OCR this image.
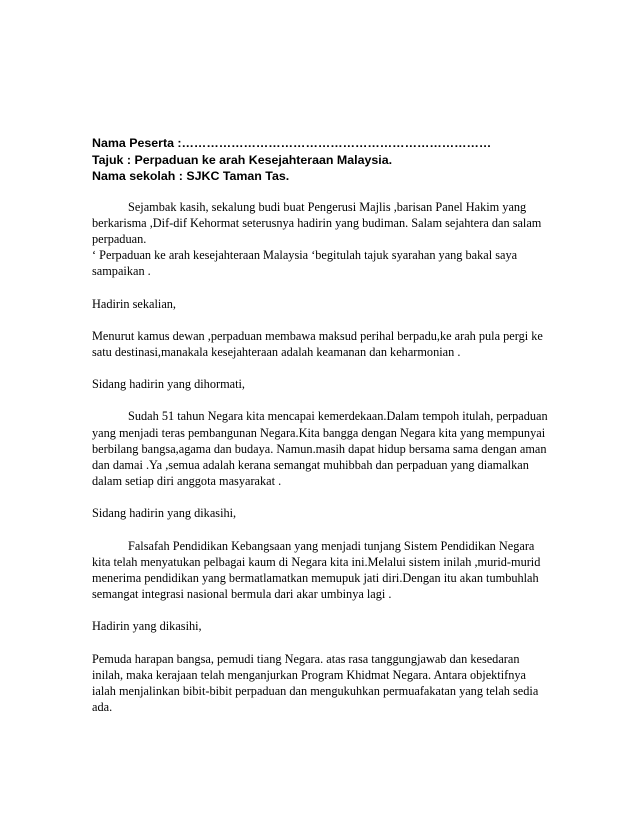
Nama Peserta :…………………………………………………………………

Tajuk : Perpaduan ke arah Kesejahteraan Malaysia.

Nama sekolah : SJKC Taman Tas.

Sejambak kasih, sekalung budi buat Pengerusi Majlis ,barisan Panel Hakim yang berkarisma ,Dif-dif Kehormat seterusnya hadirin yang budiman. Salam sejahtera dan salam perpaduan.

‘ Perpaduan ke arah kesejahteraan Malaysia ‘begitulah tajuk syarahan yang bakal saya sampaikan .

Hadirin sekalian,

Menurut kamus dewan ,perpaduan membawa maksud perihal berpadu,ke arah pula pergi ke satu destinasi,manakala kesejahteraan adalah keamanan dan keharmonian .

Sidang hadirin yang dihormati,

Sudah 51 tahun Negara kita mencapai kemerdekaan.Dalam tempoh itulah, perpaduan yang menjadi teras pembangunan Negara.Kita bangga dengan Negara kita yang mempunyai berbilang bangsa,agama dan budaya. Namun.masih dapat hidup bersama sama dengan aman dan damai .Ya ,semua adalah kerana semangat muhibbah dan perpaduan yang diamalkan dalam setiap diri anggota masyarakat .

Sidang hadirin yang dikasihi,

Falsafah Pendidikan Kebangsaan yang menjadi tunjang Sistem Pendidikan Negara kita telah menyatukan pelbagai kaum di Negara kita ini.Melalui sistem inilah ,murid-murid menerima pendidikan yang bermatlamatkan memupuk jati diri.Dengan itu akan tumbuhlah semangat integrasi nasional bermula dari akar umbinya lagi .

Hadirin yang dikasihi,

Pemuda harapan bangsa, pemudi tiang Negara. atas rasa tanggungjawab dan kesedaran inilah, maka kerajaan telah menganjurkan Program Khidmat Negara. Antara objektifnya ialah menjalinkan bibit-bibit perpaduan dan mengukuhkan permuafakatan yang telah sedia ada.
